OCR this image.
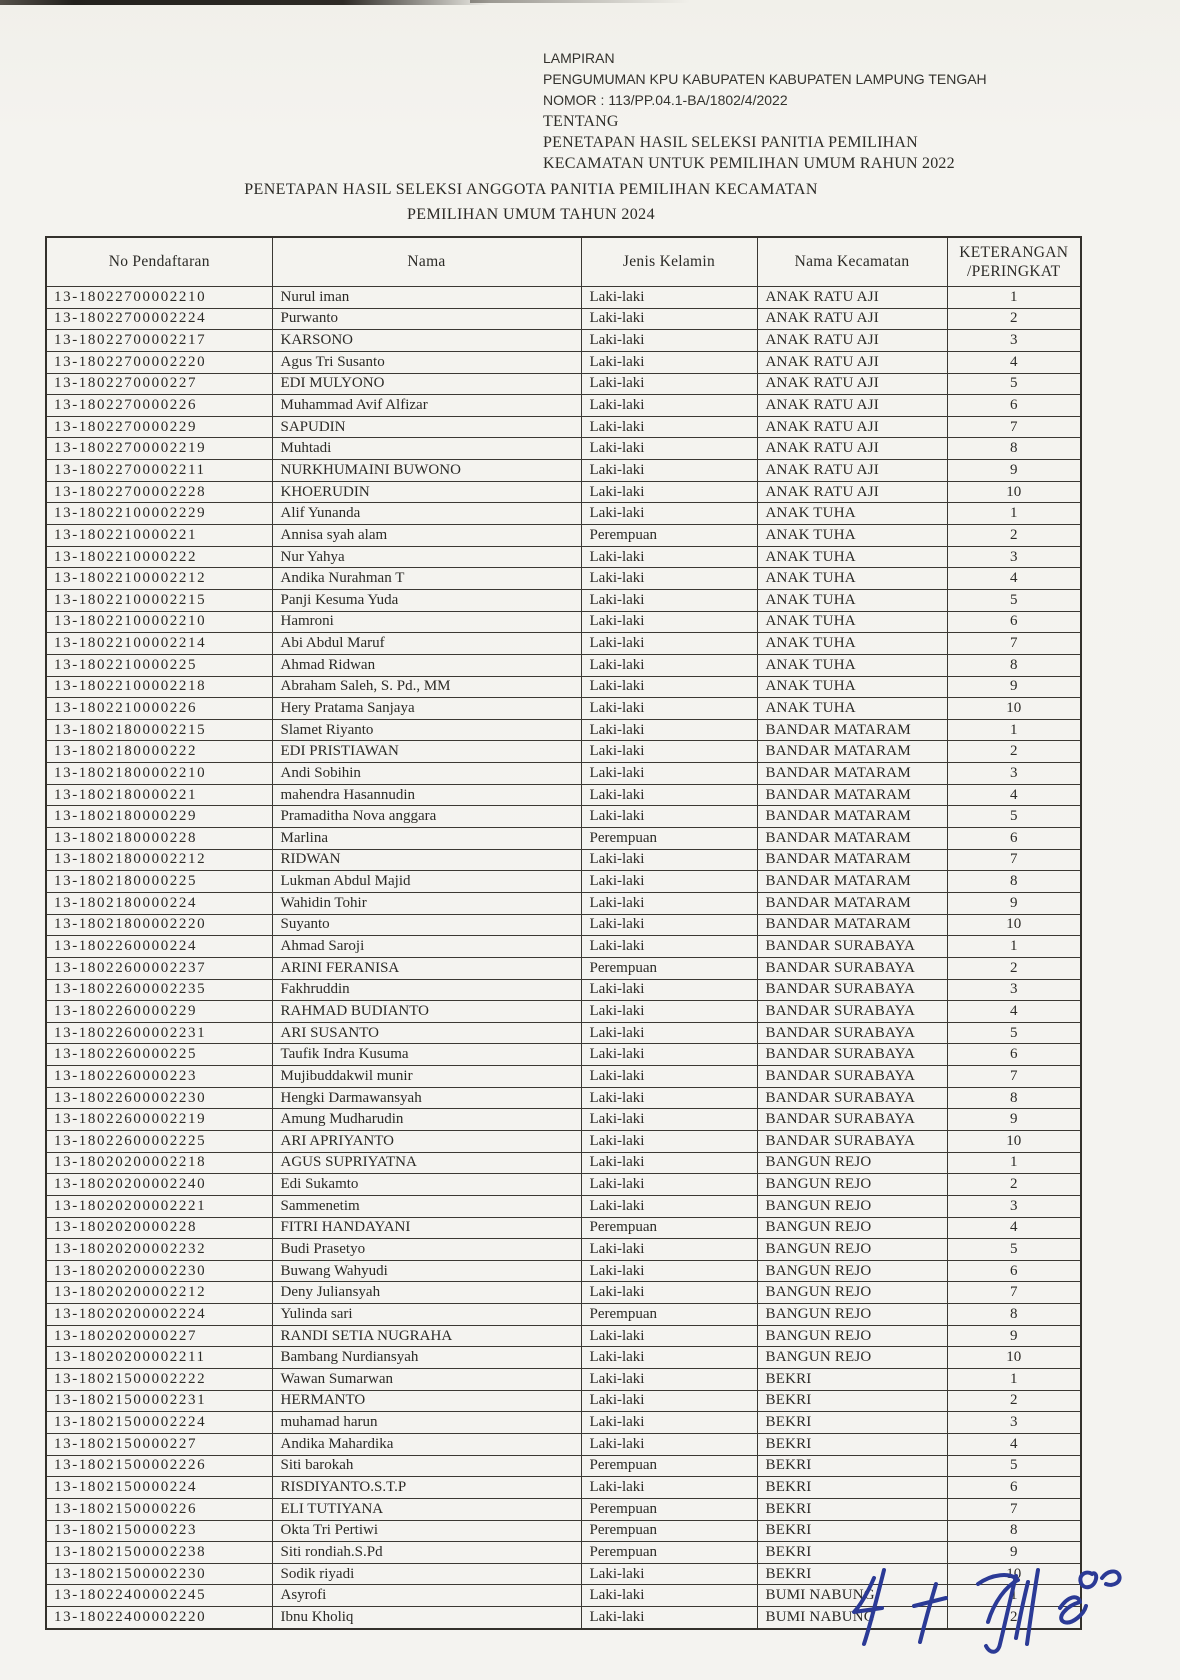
LAMPIRAN
PENGUMUMAN KPU KABUPATEN KABUPATEN LAMPUNG TENGAH
NOMOR : 113/PP.04.1-BA/1802/4/2022
TENTANG
PENETAPAN HASIL SELEKSI PANITIA PEMILIHAN
KECAMATAN UNTUK PEMILIHAN UMUM RAHUN 2022
PENETAPAN HASIL SELEKSI ANGGOTA PANITIA PEMILIHAN KECAMATAN
PEMILIHAN UMUM TAHUN 2024
No Pendaftaran	Nama	Jenis Kelamin	Nama Kecamatan	KETERANGAN
/PERINGKAT

13-18022700002210	Nurul iman	Laki-laki	ANAK RATU AJI	1
13-18022700002224	Purwanto	Laki-laki	ANAK RATU AJI	2
13-18022700002217	KARSONO	Laki-laki	ANAK RATU AJI	3
13-18022700002220	Agus Tri Susanto	Laki-laki	ANAK RATU AJI	4
13-1802270000227	EDI MULYONO	Laki-laki	ANAK RATU AJI	5
13-1802270000226	Muhammad Avif Alfizar	Laki-laki	ANAK RATU AJI	6
13-1802270000229	SAPUDIN	Laki-laki	ANAK RATU AJI	7
13-18022700002219	Muhtadi	Laki-laki	ANAK RATU AJI	8
13-18022700002211	NURKHUMAINI BUWONO	Laki-laki	ANAK RATU AJI	9
13-18022700002228	KHOERUDIN	Laki-laki	ANAK RATU AJI	10
13-18022100002229	Alif Yunanda	Laki-laki	ANAK TUHA	1
13-1802210000221	Annisa syah alam	Perempuan	ANAK TUHA	2
13-1802210000222	Nur Yahya	Laki-laki	ANAK TUHA	3
13-18022100002212	Andika Nurahman T	Laki-laki	ANAK TUHA	4
13-18022100002215	Panji Kesuma Yuda	Laki-laki	ANAK TUHA	5
13-18022100002210	Hamroni	Laki-laki	ANAK TUHA	6
13-18022100002214	Abi Abdul Maruf	Laki-laki	ANAK TUHA	7
13-1802210000225	Ahmad Ridwan	Laki-laki	ANAK TUHA	8
13-18022100002218	Abraham Saleh, S. Pd., MM	Laki-laki	ANAK TUHA	9
13-1802210000226	Hery Pratama Sanjaya	Laki-laki	ANAK TUHA	10
13-18021800002215	Slamet Riyanto	Laki-laki	BANDAR MATARAM	1
13-1802180000222	EDI PRISTIAWAN	Laki-laki	BANDAR MATARAM	2
13-18021800002210	Andi Sobihin	Laki-laki	BANDAR MATARAM	3
13-1802180000221	mahendra Hasannudin	Laki-laki	BANDAR MATARAM	4
13-1802180000229	Pramaditha Nova anggara	Laki-laki	BANDAR MATARAM	5
13-1802180000228	Marlina	Perempuan	BANDAR MATARAM	6
13-18021800002212	RIDWAN	Laki-laki	BANDAR MATARAM	7
13-1802180000225	Lukman Abdul Majid	Laki-laki	BANDAR MATARAM	8
13-1802180000224	Wahidin Tohir	Laki-laki	BANDAR MATARAM	9
13-18021800002220	Suyanto	Laki-laki	BANDAR MATARAM	10
13-1802260000224	Ahmad Saroji	Laki-laki	BANDAR SURABAYA	1
13-18022600002237	ARINI FERANISA	Perempuan	BANDAR SURABAYA	2
13-18022600002235	Fakhruddin	Laki-laki	BANDAR SURABAYA	3
13-1802260000229	RAHMAD BUDIANTO	Laki-laki	BANDAR SURABAYA	4
13-18022600002231	ARI SUSANTO	Laki-laki	BANDAR SURABAYA	5
13-1802260000225	Taufik Indra Kusuma	Laki-laki	BANDAR SURABAYA	6
13-1802260000223	Mujibuddakwil munir	Laki-laki	BANDAR SURABAYA	7
13-18022600002230	Hengki Darmawansyah	Laki-laki	BANDAR SURABAYA	8
13-18022600002219	Amung Mudharudin	Laki-laki	BANDAR SURABAYA	9
13-18022600002225	ARI APRIYANTO	Laki-laki	BANDAR SURABAYA	10
13-18020200002218	AGUS SUPRIYATNA	Laki-laki	BANGUN REJO	1
13-18020200002240	Edi Sukamto	Laki-laki	BANGUN REJO	2
13-18020200002221	Sammenetim	Laki-laki	BANGUN REJO	3
13-1802020000228	FITRI HANDAYANI	Perempuan	BANGUN REJO	4
13-18020200002232	Budi Prasetyo	Laki-laki	BANGUN REJO	5
13-18020200002230	Buwang Wahyudi	Laki-laki	BANGUN REJO	6
13-18020200002212	Deny Juliansyah	Laki-laki	BANGUN REJO	7
13-18020200002224	Yulinda sari	Perempuan	BANGUN REJO	8
13-1802020000227	RANDI SETIA NUGRAHA	Laki-laki	BANGUN REJO	9
13-18020200002211	Bambang Nurdiansyah	Laki-laki	BANGUN REJO	10
13-18021500002222	Wawan Sumarwan	Laki-laki	BEKRI	1
13-18021500002231	HERMANTO	Laki-laki	BEKRI	2
13-18021500002224	muhamad harun	Laki-laki	BEKRI	3
13-1802150000227	Andika Mahardika	Laki-laki	BEKRI	4
13-18021500002226	Siti barokah	Perempuan	BEKRI	5
13-1802150000224	RISDIYANTO.S.T.P	Laki-laki	BEKRI	6
13-1802150000226	ELI TUTIYANA	Perempuan	BEKRI	7
13-1802150000223	Okta Tri Pertiwi	Perempuan	BEKRI	8
13-18021500002238	Siti rondiah.S.Pd	Perempuan	BEKRI	9
13-18021500002230	Sodik riyadi	Laki-laki	BEKRI	10
13-18022400002245	Asyrofi	Laki-laki	BUMI NABUNG	1
13-18022400002220	Ibnu Kholiq	Laki-laki	BUMI NABUNG	2
